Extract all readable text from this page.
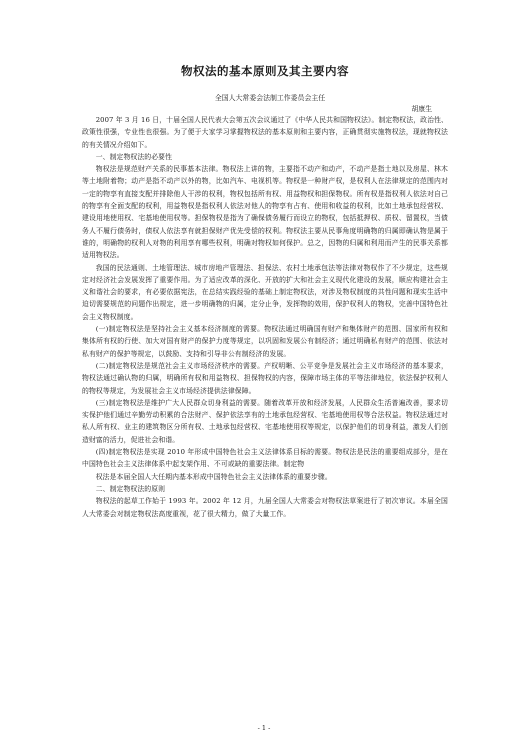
物权法的基本原则及其主要内容
全国人大常委会法制工作委员会主任
胡康生

2007 年 3 月 16 日，十届全国人民代表大会第五次会议通过了《中华人民共和国物权法》。制定物权法，政治性、政策性很强，专业性也很强。为了便于大家学习掌握物权法的基本原则和主要内容，正确贯彻实施物权法，现就物权法的有关情况介绍如下。

一、制定物权法的必要性

物权法是规范财产关系的民事基本法律。物权法上讲的物，主要指不动产和动产，不动产是指土地以及房屋、林木等土地附着物；动产是指不动产以外的物，比如汽车、电视机等。物权是一种财产权，是权利人在法律规定的范围内对一定的物享有直接支配并排除他人干涉的权利，物权包括所有权、用益物权和担保物权。所有权是指权利人依法对自己的物享有全面支配的权利，用益物权是指权利人依法对他人的物享有占有、使用和收益的权利，比如土地承包经营权、建设用地使用权、宅基地使用权等。担保物权是指为了确保债务履行而设立的物权，包括抵押权、质权、留置权，当债务人不履行债务时，债权人依法享有就担保财产优先受偿的权利。物权法主要从民事角度明确物的归属即确认物是属于谁的，明确物的权利人对物的利用享有哪些权利，明确对物权如何保护。总之，因物的归属和利用而产生的民事关系都适用物权法。

我国的民法通则、土地管理法、城市房地产管理法、担保法、农村土地承包法等法律对物权作了不少规定，这些规定对经济社会发展发挥了重要作用。为了适应改革的深化、开放的扩大和社会主义现代化建设的发展，顺应构建社会主义和谐社会的要求，有必要依据宪法，在总结实践经验的基础上制定物权法，对涉及物权制度的共性问题和现实生活中迫切需要规范的问题作出规定，进一步明确物的归属，定分止争，发挥物的效用，保护权利人的物权，完善中国特色社会主义物权制度。

(一)制定物权法是坚持社会主义基本经济制度的需要。物权法通过明确国有财产和集体财产的范围、国家所有权和集体所有权的行使、加大对国有财产的保护力度等规定，以巩固和发展公有制经济；通过明确私有财产的范围、依法对私有财产的保护等规定，以鼓励、支持和引导非公有制经济的发展。

(二)制定物权法是规范社会主义市场经济秩序的需要。产权明晰、公平竞争是发展社会主义市场经济的基本要求，物权法通过确认物的归属，明确所有权和用益物权、担保物权的内容，保障市场主体的平等法律地位，依法保护权利人的物权等规定，为发展社会主义市场经济提供法律保障。

(三)制定物权法是维护广大人民群众切身利益的需要。随着改革开放和经济发展，人民群众生活普遍改善，要求切实保护他们通过辛勤劳动积累的合法财产、保护依法享有的土地承包经营权、宅基地使用权等合法权益。物权法通过对私人所有权、业主的建筑物区分所有权、土地承包经营权、宅基地使用权等规定，以保护他们的切身利益，激发人们创造财富的活力，促进社会和谐。

(四)制定物权法是实现 2010 年形成中国特色社会主义法律体系目标的需要。物权法是民法的重要组成部分，是在中国特色社会主义法律体系中起支架作用、不可或缺的重要法律。制定物

权法是本届全国人大任期内基本形成中国特色社会主义法律体系的重要步骤。

二、制定物权法的原则

物权法的起草工作始于 1993 年。2002 年 12 月，九届全国人大常委会对物权法草案进行了初次审议。本届全国人大常委会对制定物权法高度重视，花了很大精力，做了大量工作。

- 1 -
